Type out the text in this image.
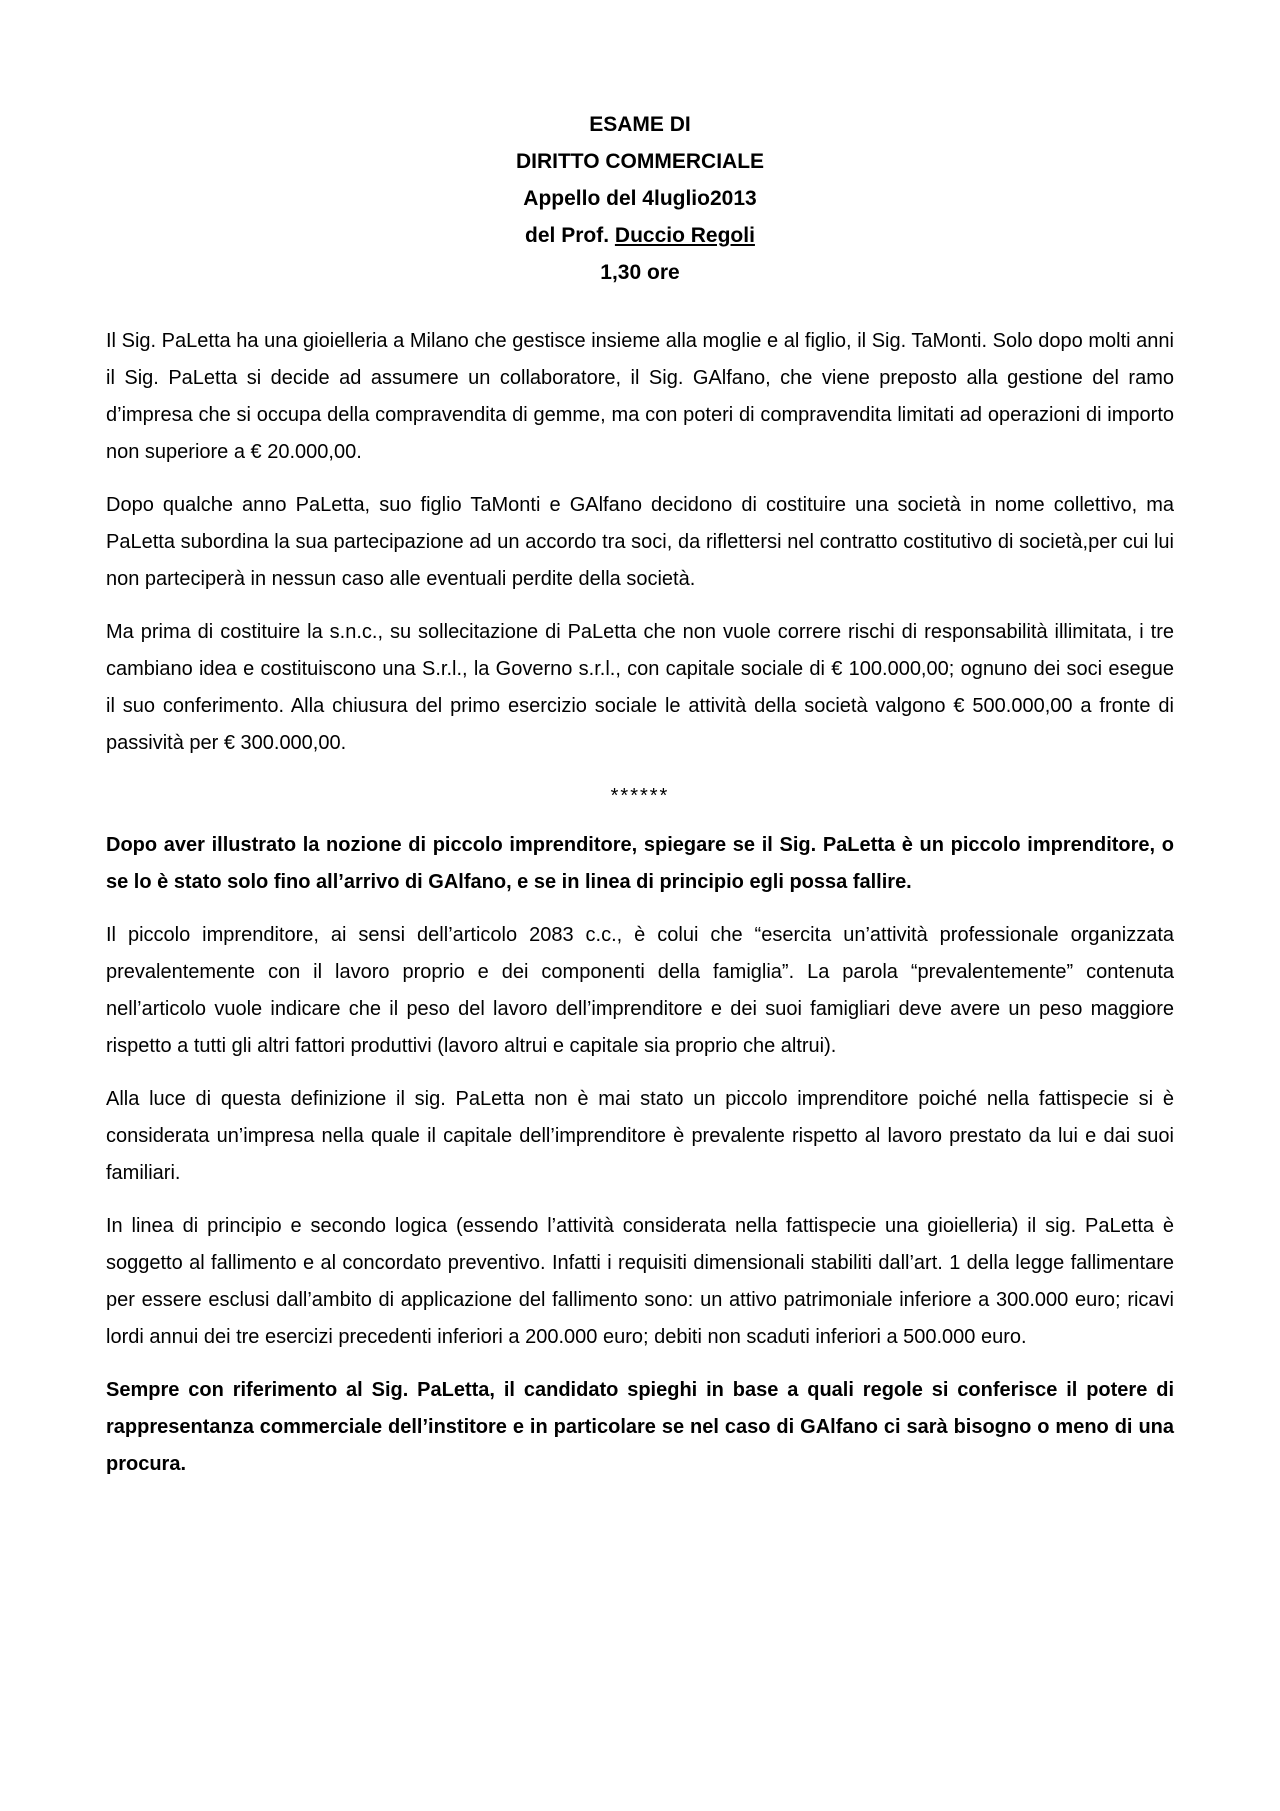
ESAME DI
DIRITTO COMMERCIALE
Appello del 4luglio2013
del Prof. Duccio Regoli
1,30 ore

Il Sig. PaLetta ha una gioielleria a Milano che gestisce insieme alla moglie e al figlio, il Sig. TaMonti. Solo dopo molti anni il Sig. PaLetta si decide ad assumere un collaboratore, il Sig. GAlfano, che viene preposto alla gestione del ramo d’impresa che si occupa della compravendita di gemme, ma con poteri di compravendita limitati ad operazioni di importo non superiore a € 20.000,00.

Dopo qualche anno PaLetta, suo figlio TaMonti e GAlfano decidono di costituire una società in nome collettivo, ma PaLetta subordina la sua partecipazione ad un accordo tra soci, da riflettersi nel contratto costitutivo di società,per cui lui non parteciperà in nessun caso alle eventuali perdite della società.

Ma prima di costituire la s.n.c., su sollecitazione di PaLetta che non vuole correre rischi di responsabilità illimitata, i tre cambiano idea e costituiscono una S.r.l., la Governo s.r.l., con capitale sociale di € 100.000,00; ognuno dei soci esegue il suo conferimento. Alla chiusura del primo esercizio sociale le attività della società valgono € 500.000,00 a fronte di passività per € 300.000,00.

******

Dopo aver illustrato la nozione di piccolo imprenditore, spiegare se il Sig. PaLetta è un piccolo imprenditore, o se lo è stato solo fino all’arrivo di GAlfano, e se in linea di principio egli possa fallire.

Il piccolo imprenditore, ai sensi dell’articolo 2083 c.c., è colui che “esercita un’attività professionale organizzata prevalentemente con il lavoro proprio e dei componenti della famiglia”. La parola “prevalentemente” contenuta nell’articolo vuole indicare che il peso del lavoro dell’imprenditore e dei suoi famigliari deve avere un peso maggiore rispetto a tutti gli altri fattori produttivi (lavoro altrui e capitale sia proprio che altrui).

Alla luce di questa definizione il sig. PaLetta non è mai stato un piccolo imprenditore poiché nella fattispecie si è considerata un’impresa nella quale il capitale dell’imprenditore è prevalente rispetto al lavoro prestato da lui e dai suoi familiari.

In linea di principio e secondo logica (essendo l’attività considerata nella fattispecie una gioielleria) il sig. PaLetta è soggetto al fallimento e al concordato preventivo. Infatti i requisiti dimensionali stabiliti dall’art. 1 della legge fallimentare per essere esclusi dall’ambito di applicazione del fallimento sono: un attivo patrimoniale inferiore a 300.000 euro; ricavi lordi annui dei tre esercizi precedenti inferiori a 200.000 euro; debiti non scaduti inferiori a 500.000 euro.

Sempre con riferimento al Sig. PaLetta, il candidato spieghi in base a quali regole si conferisce il potere di rappresentanza commerciale dell’institore e in particolare se nel caso di GAlfano ci sarà bisogno o meno di una procura.
